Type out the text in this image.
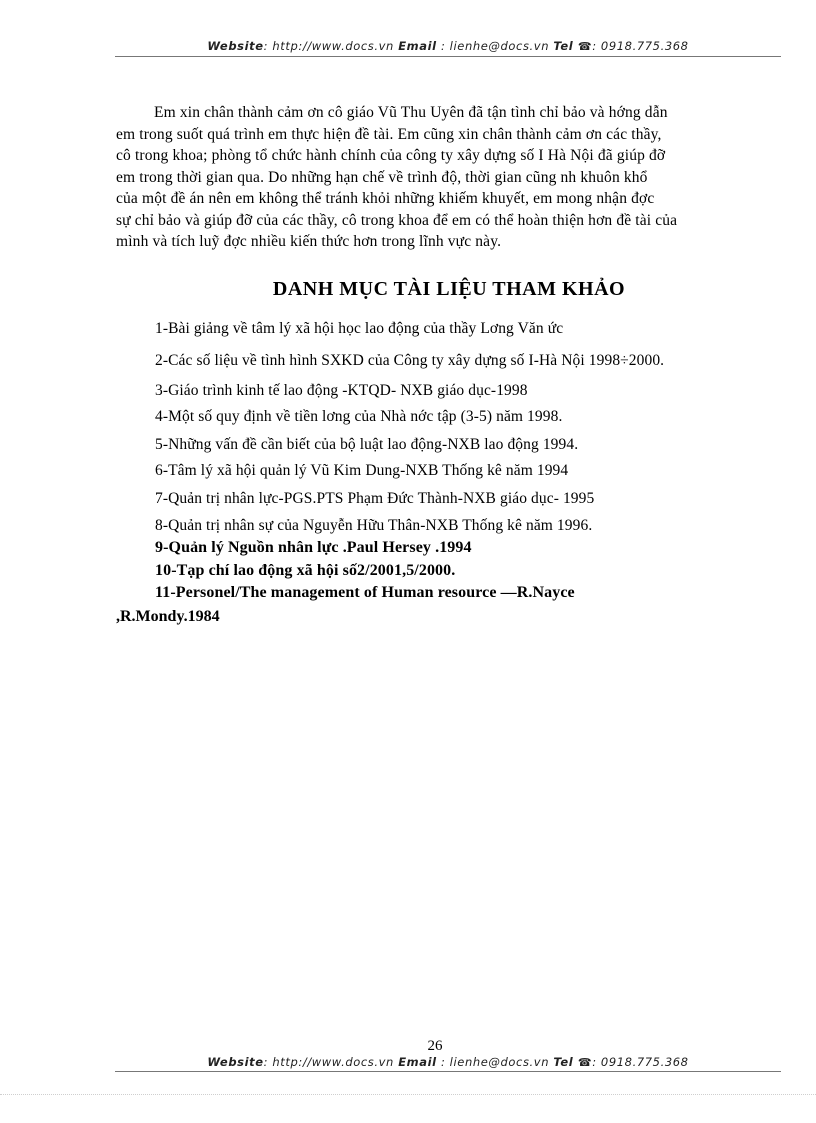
Website: http://www.docs.vn Email : lienhe@docs.vn Tel ☎: 0918.775.368
Em xin chân thành cảm ơn cô giáo Vũ Thu Uyên đã tận tình chỉ bảo và hớng dẫn
em trong suốt quá trình em thực hiện đề tài. Em cũng xin chân thành cảm ơn các thầy,
cô trong khoa; phòng tổ chức hành chính của công ty xây dựng số I Hà Nội đã giúp đỡ
em trong thời gian qua. Do những hạn chế về trình độ, thời gian cũng nh khuôn khổ
của một đề án nên em không thể tránh khỏi những khiếm khuyết, em mong nhận đợc
sự chỉ bảo và giúp đỡ của các thầy, cô trong khoa để em có thể hoàn thiện hơn đề tài của
mình và tích luỹ đợc nhiều kiến thức hơn trong lĩnh vực này.
DANH MỤC TÀI LIỆU THAM KHẢO
1-Bài giảng về tâm lý xã hội học lao động của thầy Lơng Văn ức
2-Các số liệu về tình hình SXKD của Công ty xây dựng số I-Hà Nội 1998÷2000.
3-Giáo trình kinh tế lao động -KTQD- NXB giáo dục-1998
4-Một số quy định về tiền lơng của Nhà nớc tập (3-5) năm 1998.
5-Những vấn đề cần biết của bộ luật lao động-NXB lao động 1994.
6-Tâm lý xã hội quản lý Vũ Kim Dung-NXB Thống kê năm 1994
7-Quản trị nhân lực-PGS.PTS Phạm Đức Thành-NXB giáo dục- 1995
8-Quản trị nhân sự của Nguyễn Hữu Thân-NXB Thống kê năm 1996.
9-Quản lý Nguồn nhân lực .Paul Hersey .1994
10-Tạp chí lao động xã hội số2/2001,5/2000.
11-Personel/The management of Human resource —R.Nayce
,R.Mondy.1984
26
Website: http://www.docs.vn Email : lienhe@docs.vn Tel ☎: 0918.775.368
